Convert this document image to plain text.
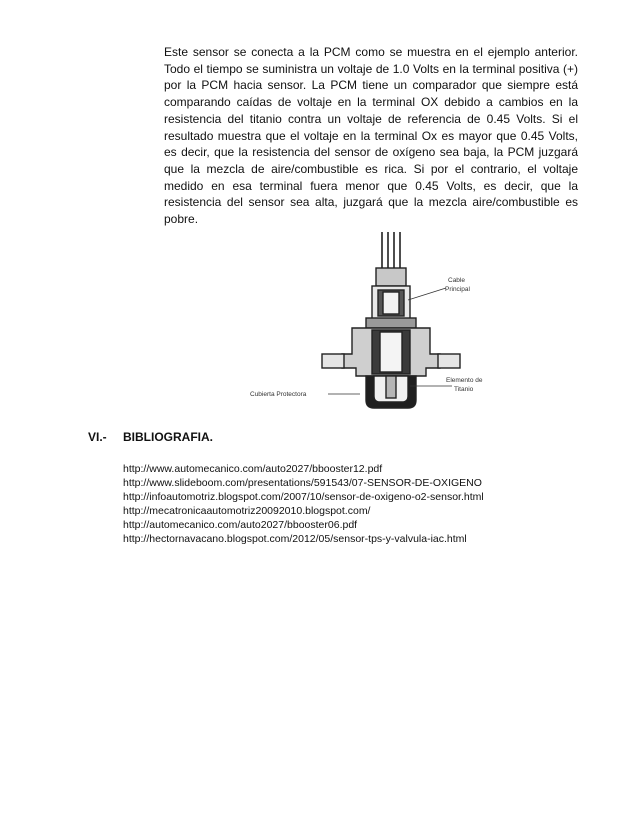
Este sensor se conecta a la PCM como se muestra en el ejemplo anterior. Todo el tiempo se suministra un voltaje de 1.0 Volts en la terminal positiva (+) por la PCM hacia sensor. La PCM tiene un comparador que siempre está comparando caídas de voltaje en la terminal OX debido a cambios en la resistencia del titanio contra un voltaje de referencia de 0.45 Volts. Si el resultado muestra que el voltaje en la terminal Ox es mayor que 0.45 Volts, es decir, que la resistencia del sensor de oxígeno sea baja, la PCM juzgará que la mezcla de aire/combustible es rica. Si por el contrario, el voltaje medido en esa terminal fuera menor que 0.45 Volts, es decir, que la resistencia del sensor sea alta, juzgará que la mezcla aire/combustible es pobre.

Cable
Principal
Cubierta Protectora
Elemento de
Titanio
VI.- BIBLIOGRAFIA.
http://www.automecanico.com/auto2027/bbooster12.pdf
http://www.slideboom.com/presentations/591543/07-SENSOR-DE-OXIGENO
http://infoautomotriz.blogspot.com/2007/10/sensor-de-oxigeno-o2-sensor.html
http://mecatronicaautomotriz20092010.blogspot.com/
http://automecanico.com/auto2027/bbooster06.pdf
http://hectornavacano.blogspot.com/2012/05/sensor-tps-y-valvula-iac.html
